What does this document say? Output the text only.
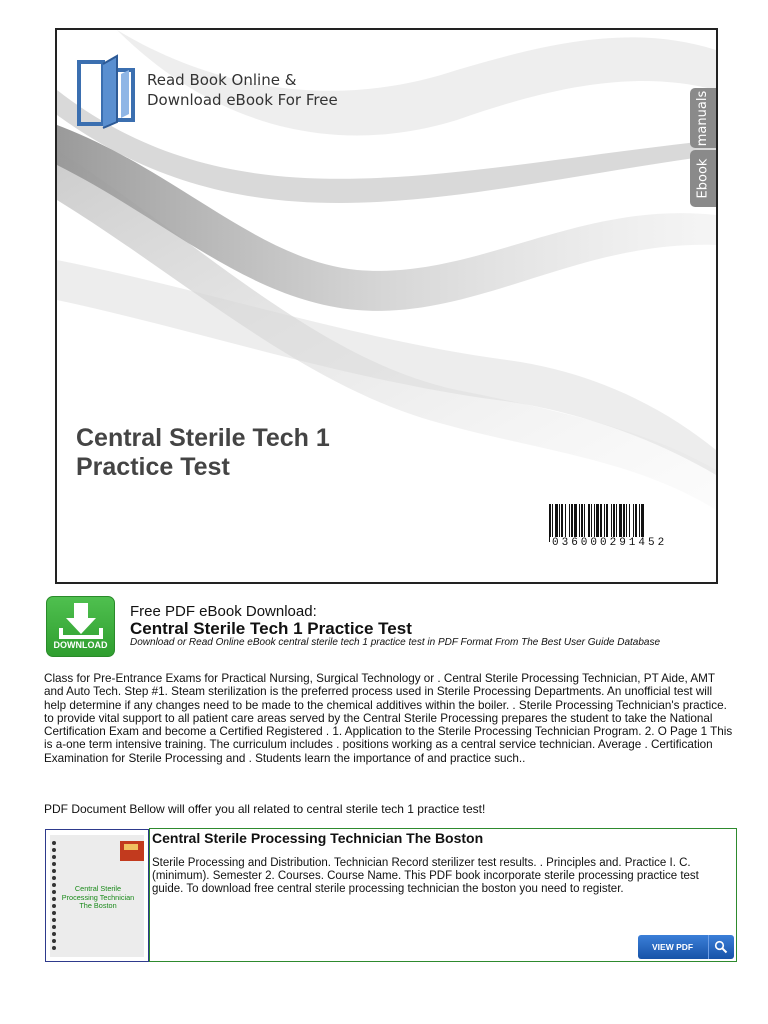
Read Book Online &
Download eBook For Free	manuals
Ebook
Central Sterile Tech 1
Practice Test
036000291452
DOWNLOAD
Free PDF eBook Download:
Central Sterile Tech 1 Practice Test
Download or Read Online eBook central sterile tech 1 practice test in PDF Format From The Best User Guide Database
Class for Pre-Entrance Exams for Practical Nursing, Surgical Technology or . Central Sterile Processing Technician, PT Aide, AMT and Auto Tech. Step #1. Steam sterilization is the preferred process used in Sterile Processing Departments. An unofficial test will help determine if any changes need to be made to the chemical additives within the boiler. . Sterile Processing Technician's practice. to provide vital support to all patient care areas served by the Central Sterile Processing prepares the student to take the National Certification Exam and become a Certified Registered . 1. Application to the Sterile Processing Technician Program. 2. O Page 1 This is a-one term intensive training. The curriculum includes . positions working as a central service technician. Average . Certification Examination for Sterile Processing and . Students learn the importance of and practice such..
PDF Document Bellow will offer you all related to central sterile tech 1 practice test!
Central Sterile Processing Technician The Boston
Central Sterile Processing Technician The Boston
Sterile Processing and Distribution. Technician Record sterilizer test results. . Principles and. Practice I. C. (minimum). Semester 2. Courses. Course Name. This PDF book incorporate sterile processing practice test guide. To download free central sterile processing technician the boston you need to register.
VIEW PDF
